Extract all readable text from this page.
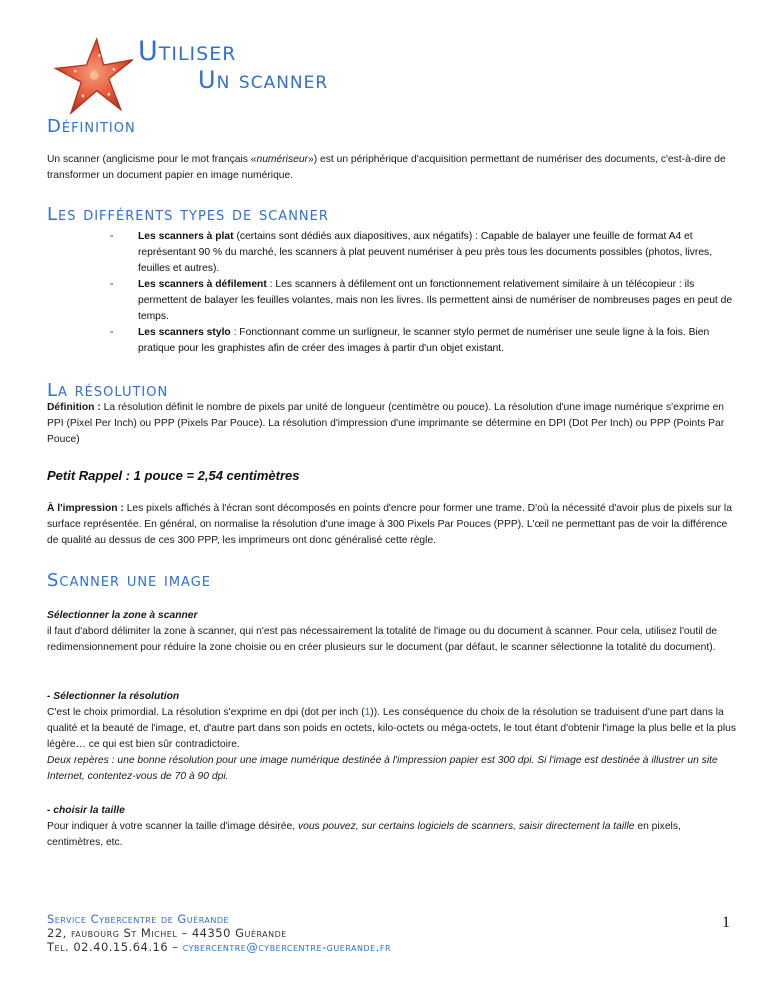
Utiliser
Un scanner
Définition
Un scanner (anglicisme pour le mot français «numériseur») est un périphérique d'acquisition permettant de numériser des documents, c'est-à-dire de transformer un document papier en image numérique.
Les différents types de scanner
- Les scanners à plat (certains sont dédiés aux diapositives, aux négatifs) : Capable de balayer une feuille de format A4 et représentant 90 % du marché, les scanners à plat peuvent numériser à peu près tous les documents possibles (photos, livres, feuilles et autres).
- Les scanners à défilement : Les scanners à défilement ont un fonctionnement relativement similaire à un télécopieur : ils permettent de balayer les feuilles volantes, mais non les livres. Ils permettent ainsi de numériser de nombreuses pages en peut de temps.
- Les scanners stylo : Fonctionnant comme un surligneur, le scanner stylo permet de numériser une seule ligne à la fois. Bien pratique pour les graphistes afin de créer des images à partir d'un objet existant.
La résolution
Définition : La résolution définit le nombre de pixels par unité de longueur (centimètre ou pouce). La résolution d'une image numérique s'exprime en PPI (Pixel Per Inch) ou PPP (Pixels Par Pouce). La résolution d'impression d'une imprimante se détermine en DPI (Dot Per Inch) ou PPP (Points Par Pouce)
Petit Rappel : 1 pouce = 2,54 centimètres
À l'impression : Les pixels affichés à l'écran sont décomposés en points d'encre pour former une trame. D'où la nécessité d'avoir plus de pixels sur la surface représentée. En général, on normalise la résolution d'une image à 300 Pixels Par Pouces (PPP). L'œil ne permettant pas de voir la différence de qualité au dessus de ces 300 PPP, les imprimeurs ont donc généralisé cette règle.
Scanner une image
Sélectionner la zone à scanner
il faut d'abord délimiter la zone à scanner, qui n'est pas nécessairement la totalité de l'image ou du document à scanner. Pour cela, utilisez l'outil de redimensionnement pour réduire la zone choisie ou en créer plusieurs sur le document (par défaut, le scanner sélectionne la totalité du document).
- Sélectionner la résolution
C'est le choix primordial. La résolution s'exprime en dpi (dot per inch (1)). Les conséquence du choix de la résolution se traduisent d'une part dans la qualité et la beauté de l'image, et, d'autre part dans son poids en octets, kilo-octets ou méga-octets, le tout étant d'obtenir l'image la plus belle et la plus légère… ce qui est bien sûr contradictoire.
Deux repères : une bonne résolution pour une image numérique destinée à l'impression papier est 300 dpi. Si l'image est destinée à illustrer un site Internet, contentez-vous de 70 à 90 dpi.
- choisir la taille
Pour indiquer à votre scanner la taille d'image désirée, vous pouvez, sur certains logiciels de scanners, saisir directement la taille en pixels, centimètres, etc.
Service Cybercentre de Guérande
22, faubourg St Michel – 44350 Guérande
Tel. 02.40.15.64.16 – cybercentre@cybercentre-guerande.fr
1
